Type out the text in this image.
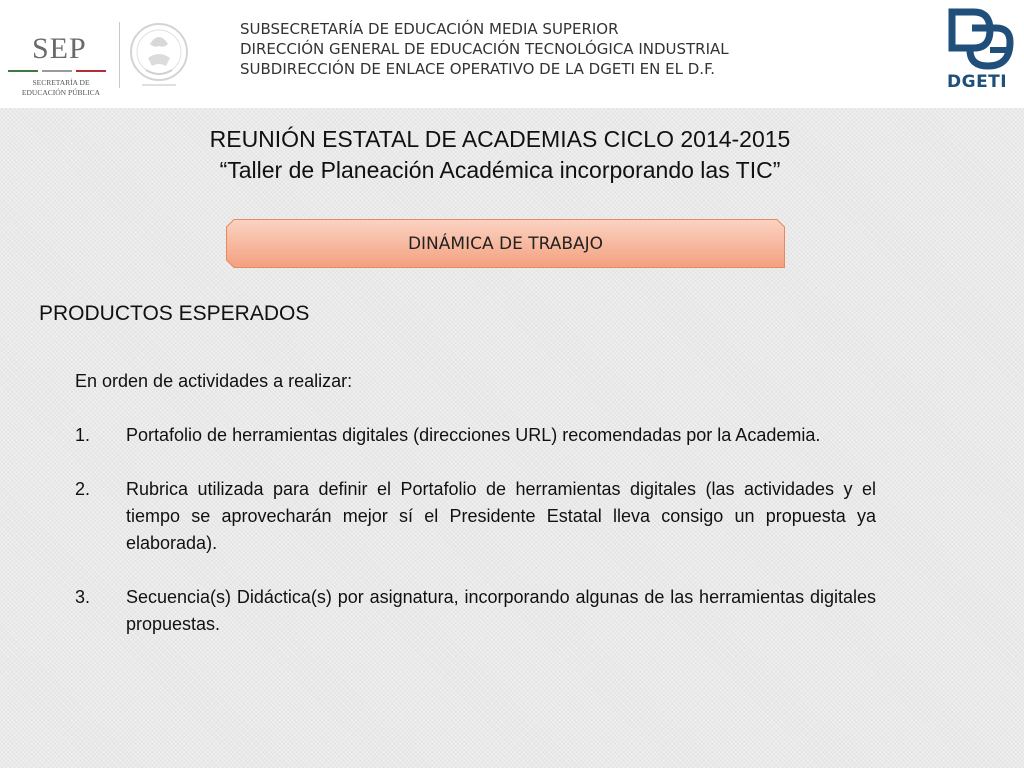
SEP
SECRETARÍA DE
EDUCACIÓN PÚBLICA
SUBSECRETARÍA DE EDUCACIÓN MEDIA SUPERIOR
DIRECCIÓN GENERAL DE EDUCACIÓN TECNOLÓGICA INDUSTRIAL
SUBDIRECCIÓN DE ENLACE OPERATIVO DE LA DGETI EN EL D.F.
DGETI
REUNIÓN ESTATAL DE ACADEMIAS CICLO 2014-2015
“Taller de Planeación Académica incorporando las TIC”
DINÁMICA DE TRABAJO
PRODUCTOS ESPERADOS
En orden de actividades a realizar:
1.	Portafolio de herramientas digitales (direcciones URL) recomendadas por la Academia.
2.	Rubrica utilizada para definir el Portafolio de herramientas digitales (las actividades y el tiempo se aprovecharán mejor sí el Presidente Estatal lleva consigo un propuesta ya elaborada).
3.	Secuencia(s) Didáctica(s) por asignatura, incorporando algunas de las herramientas digitales propuestas.
